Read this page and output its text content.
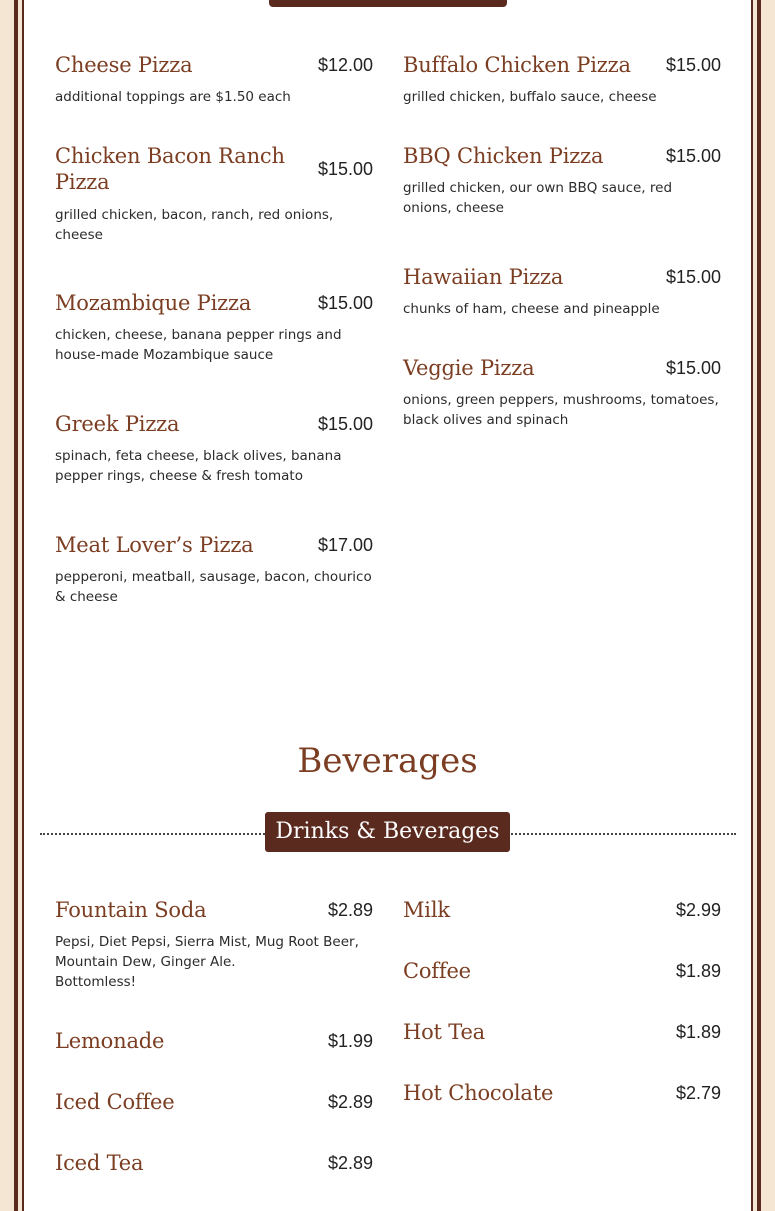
Cheese Pizza	$12.00
additional toppings are $1.50 each
Chicken Bacon Ranch Pizza
$15.00
grilled chicken, bacon, ranch, red onions, cheese
Mozambique Pizza	$15.00
chicken, cheese, banana pepper rings and house-made Mozambique sauce
Greek Pizza	$15.00
spinach, feta cheese, black olives, banana pepper rings, cheese & fresh tomato
Meat Lover’s Pizza	$17.00
pepperoni, meatball, sausage, bacon, chourico & cheese
Buffalo Chicken Pizza $15.00
grilled chicken, buffalo sauce, cheese
BBQ Chicken Pizza	$15.00
grilled chicken, our own BBQ sauce, red onions, cheese
Hawaiian Pizza	$15.00
chunks of ham, cheese and pineapple
Veggie Pizza	$15.00
onions, green peppers, mushrooms, tomatoes, black olives and spinach
Beverages
Drinks & Beverages
Fountain Soda	$2.89
Pepsi, Diet Pepsi, Sierra Mist, Mug Root Beer, Mountain Dew, Ginger Ale.
Bottomless!
Lemonade	$1.99
Iced Coffee	$2.89
Iced Tea	$2.89
Milk	$2.99
Coffee	$1.89
Hot Tea	$1.89
Hot Chocolate	$2.79
